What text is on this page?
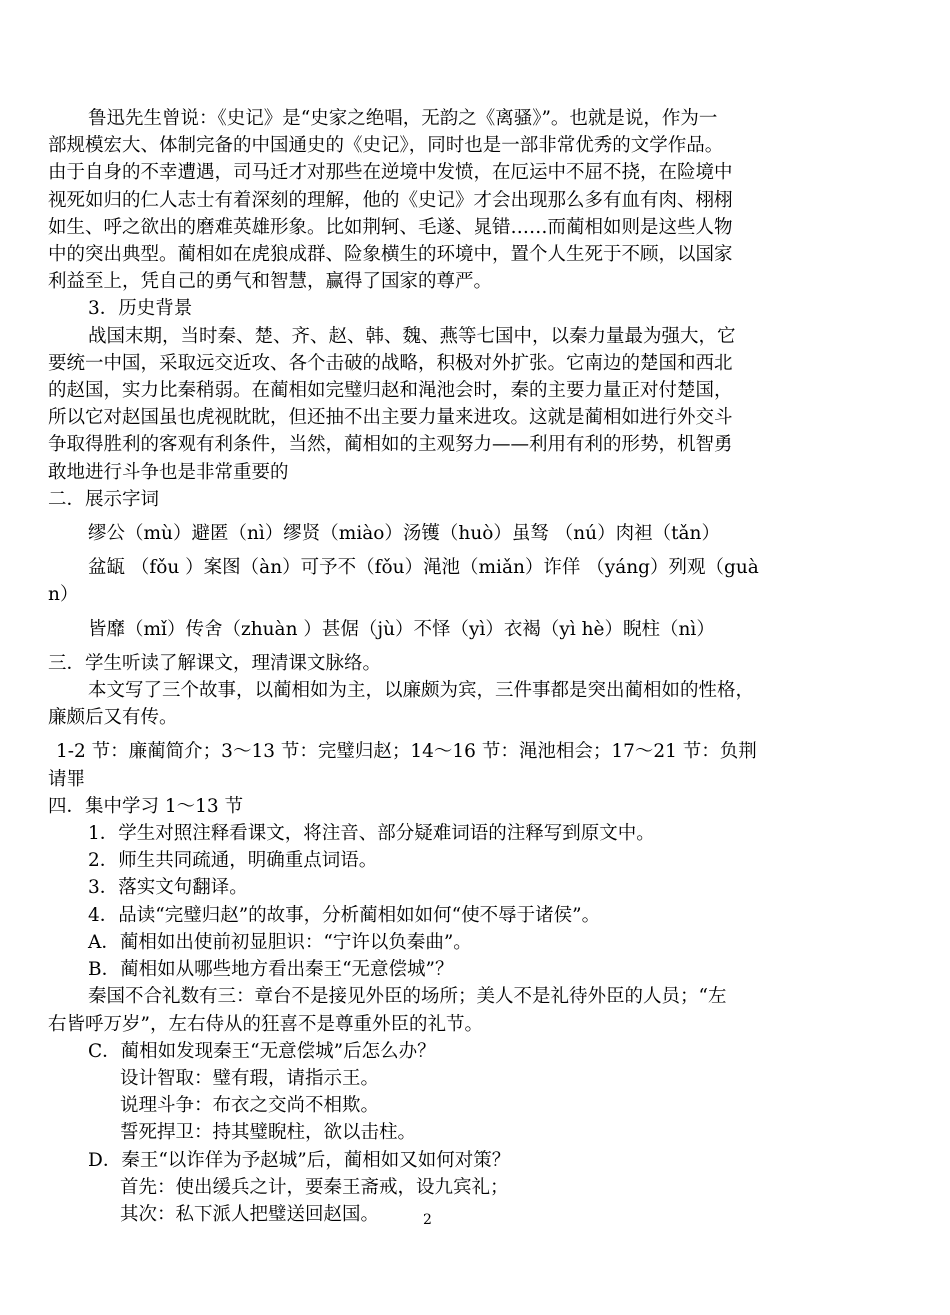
鲁迅先生曾说：《史记》是“史家之绝唱，无韵之《离骚》”。也就是说，作为一
部规模宏大、体制完备的中国通史的《史记》，同时也是一部非常优秀的文学作品。
由于自身的不幸遭遇，司马迁才对那些在逆境中发愤，在厄运中不屈不挠，在险境中
视死如归的仁人志士有着深刻的理解，他的《史记》才会出现那么多有血有肉、栩栩
如生、呼之欲出的磨难英雄形象。比如荆轲、毛遂、晁错……而蔺相如则是这些人物
中的突出典型。蔺相如在虎狼成群、险象横生的环境中，置个人生死于不顾，以国家
利益至上，凭自己的勇气和智慧，赢得了国家的尊严。
3．历史背景
战国末期，当时秦、楚、齐、赵、韩、魏、燕等七国中，以秦力量最为强大，它
要统一中国，采取远交近攻、各个击破的战略，积极对外扩张。它南边的楚国和西北
的赵国，实力比秦稍弱。在蔺相如完璧归赵和渑池会时，秦的主要力量正对付楚国，
所以它对赵国虽也虎视眈眈，但还抽不出主要力量来进攻。这就是蔺相如进行外交斗
争取得胜利的客观有利条件，当然，蔺相如的主观努力——利用有利的形势，机智勇
敢地进行斗争也是非常重要的
二．展示字词
缪公（mù）避匿（nì）缪贤（miào）汤镬（huò）虽驽 （nú）肉袒（tǎn）
盆缻 （fǒu ）案图（àn）可予不（fǒu）渑池（miǎn）诈佯 （yáng）列观（guà
n）
皆靡（mǐ）传舍（zhuàn ）甚倨（jù）不怿（yì）衣褐（yì hè）睨柱（nì）
三．学生听读了解课文，理清课文脉络。
本文写了三个故事，以蔺相如为主，以廉颇为宾，三件事都是突出蔺相如的性格，
廉颇后又有传。
1-2 节：廉蔺简介；3～13 节：完璧归赵；14～16 节：渑池相会；17～21 节：负荆
请罪
四．集中学习 1～13 节
1．学生对照注释看课文，将注音、部分疑难词语的注释写到原文中。
2．师生共同疏通，明确重点词语。
3．落实文句翻译。
4．品读“完璧归赵”的故事，分析蔺相如如何“使不辱于诸侯”。
A．蔺相如出使前初显胆识：“宁许以负秦曲”。
B．蔺相如从哪些地方看出秦王“无意偿城”？
秦国不合礼数有三：章台不是接见外臣的场所；美人不是礼待外臣的人员；“左
右皆呼万岁”，左右侍从的狂喜不是尊重外臣的礼节。
C．蔺相如发现秦王“无意偿城”后怎么办？
设计智取：璧有瑕，请指示王。
说理斗争：布衣之交尚不相欺。
誓死捍卫：持其璧睨柱，欲以击柱。
D．秦王“以诈佯为予赵城”后，蔺相如又如何对策？
首先：使出缓兵之计，要秦王斋戒，设九宾礼；
其次：私下派人把璧送回赵国。	2
